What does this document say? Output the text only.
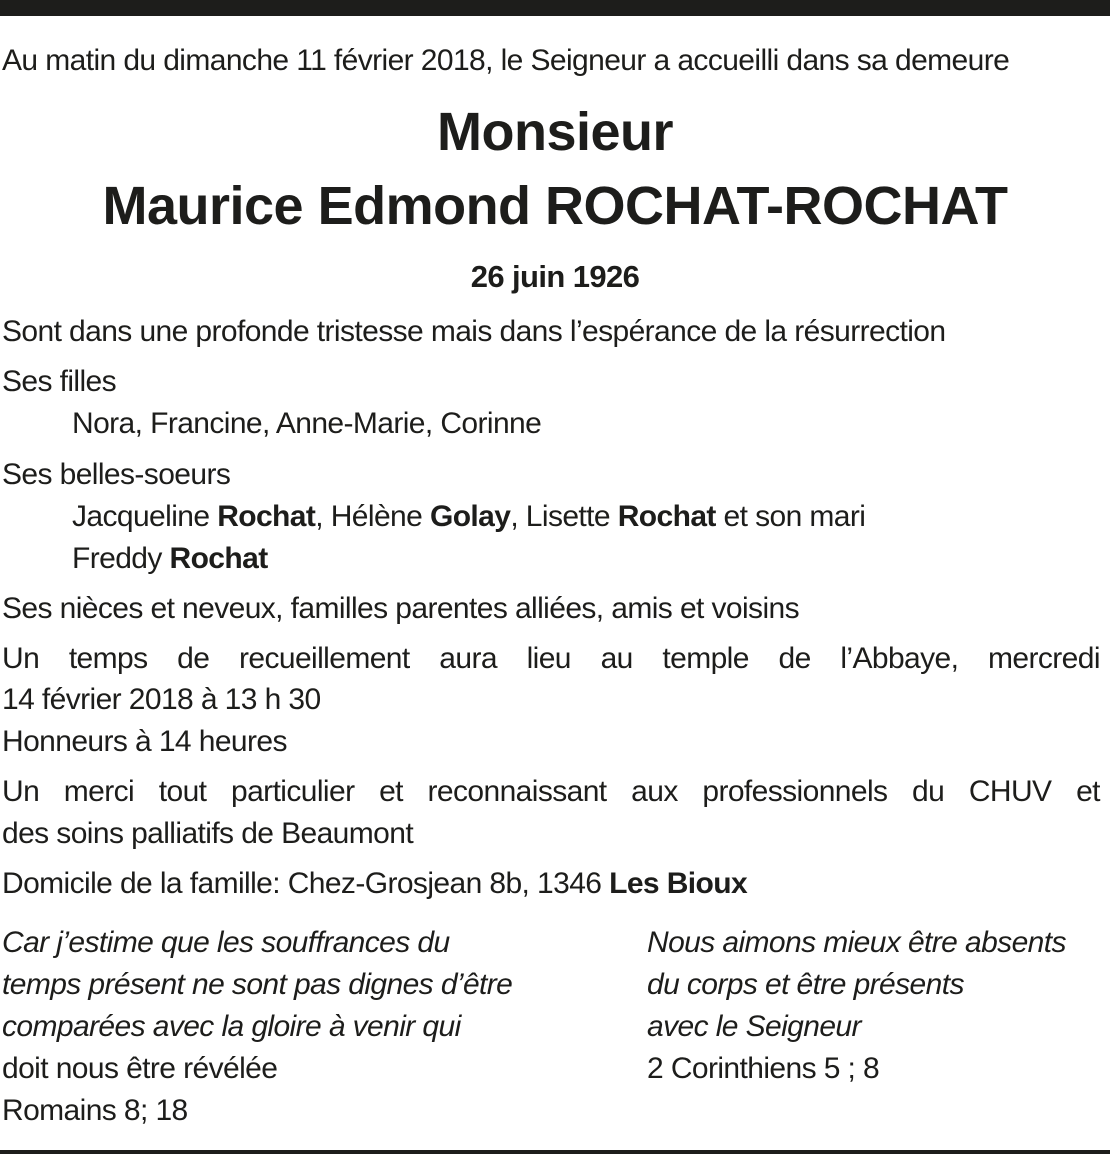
Au matin du dimanche 11 février 2018, le Seigneur a accueilli dans sa demeure
Monsieur
Maurice Edmond ROCHAT-ROCHAT
26 juin 1926
Sont dans une profonde tristesse mais dans l’espérance de la résurrection
Ses filles
Nora, Francine, Anne-Marie, Corinne
Ses belles-soeurs
Jacqueline Rochat, Hélène Golay, Lisette Rochat et son mari
Freddy Rochat
Ses nièces et neveux, familles parentes alliées, amis et voisins
Un temps de recueillement aura lieu au temple de l’Abbaye, mercredi
14 février 2018 à 13 h 30
Honneurs à 14 heures
Un merci tout particulier et reconnaissant aux professionnels du CHUV et
des soins palliatifs de Beaumont
Domicile de la famille: Chez-Grosjean 8b, 1346 Les Bioux
Car j’estime que les souffrances du
temps présent ne sont pas dignes d’être
comparées avec la gloire à venir qui
doit nous être révélée
Romains 8; 18
Nous aimons mieux être absents
du corps et être présents
avec le Seigneur
2 Corinthiens 5 ; 8
